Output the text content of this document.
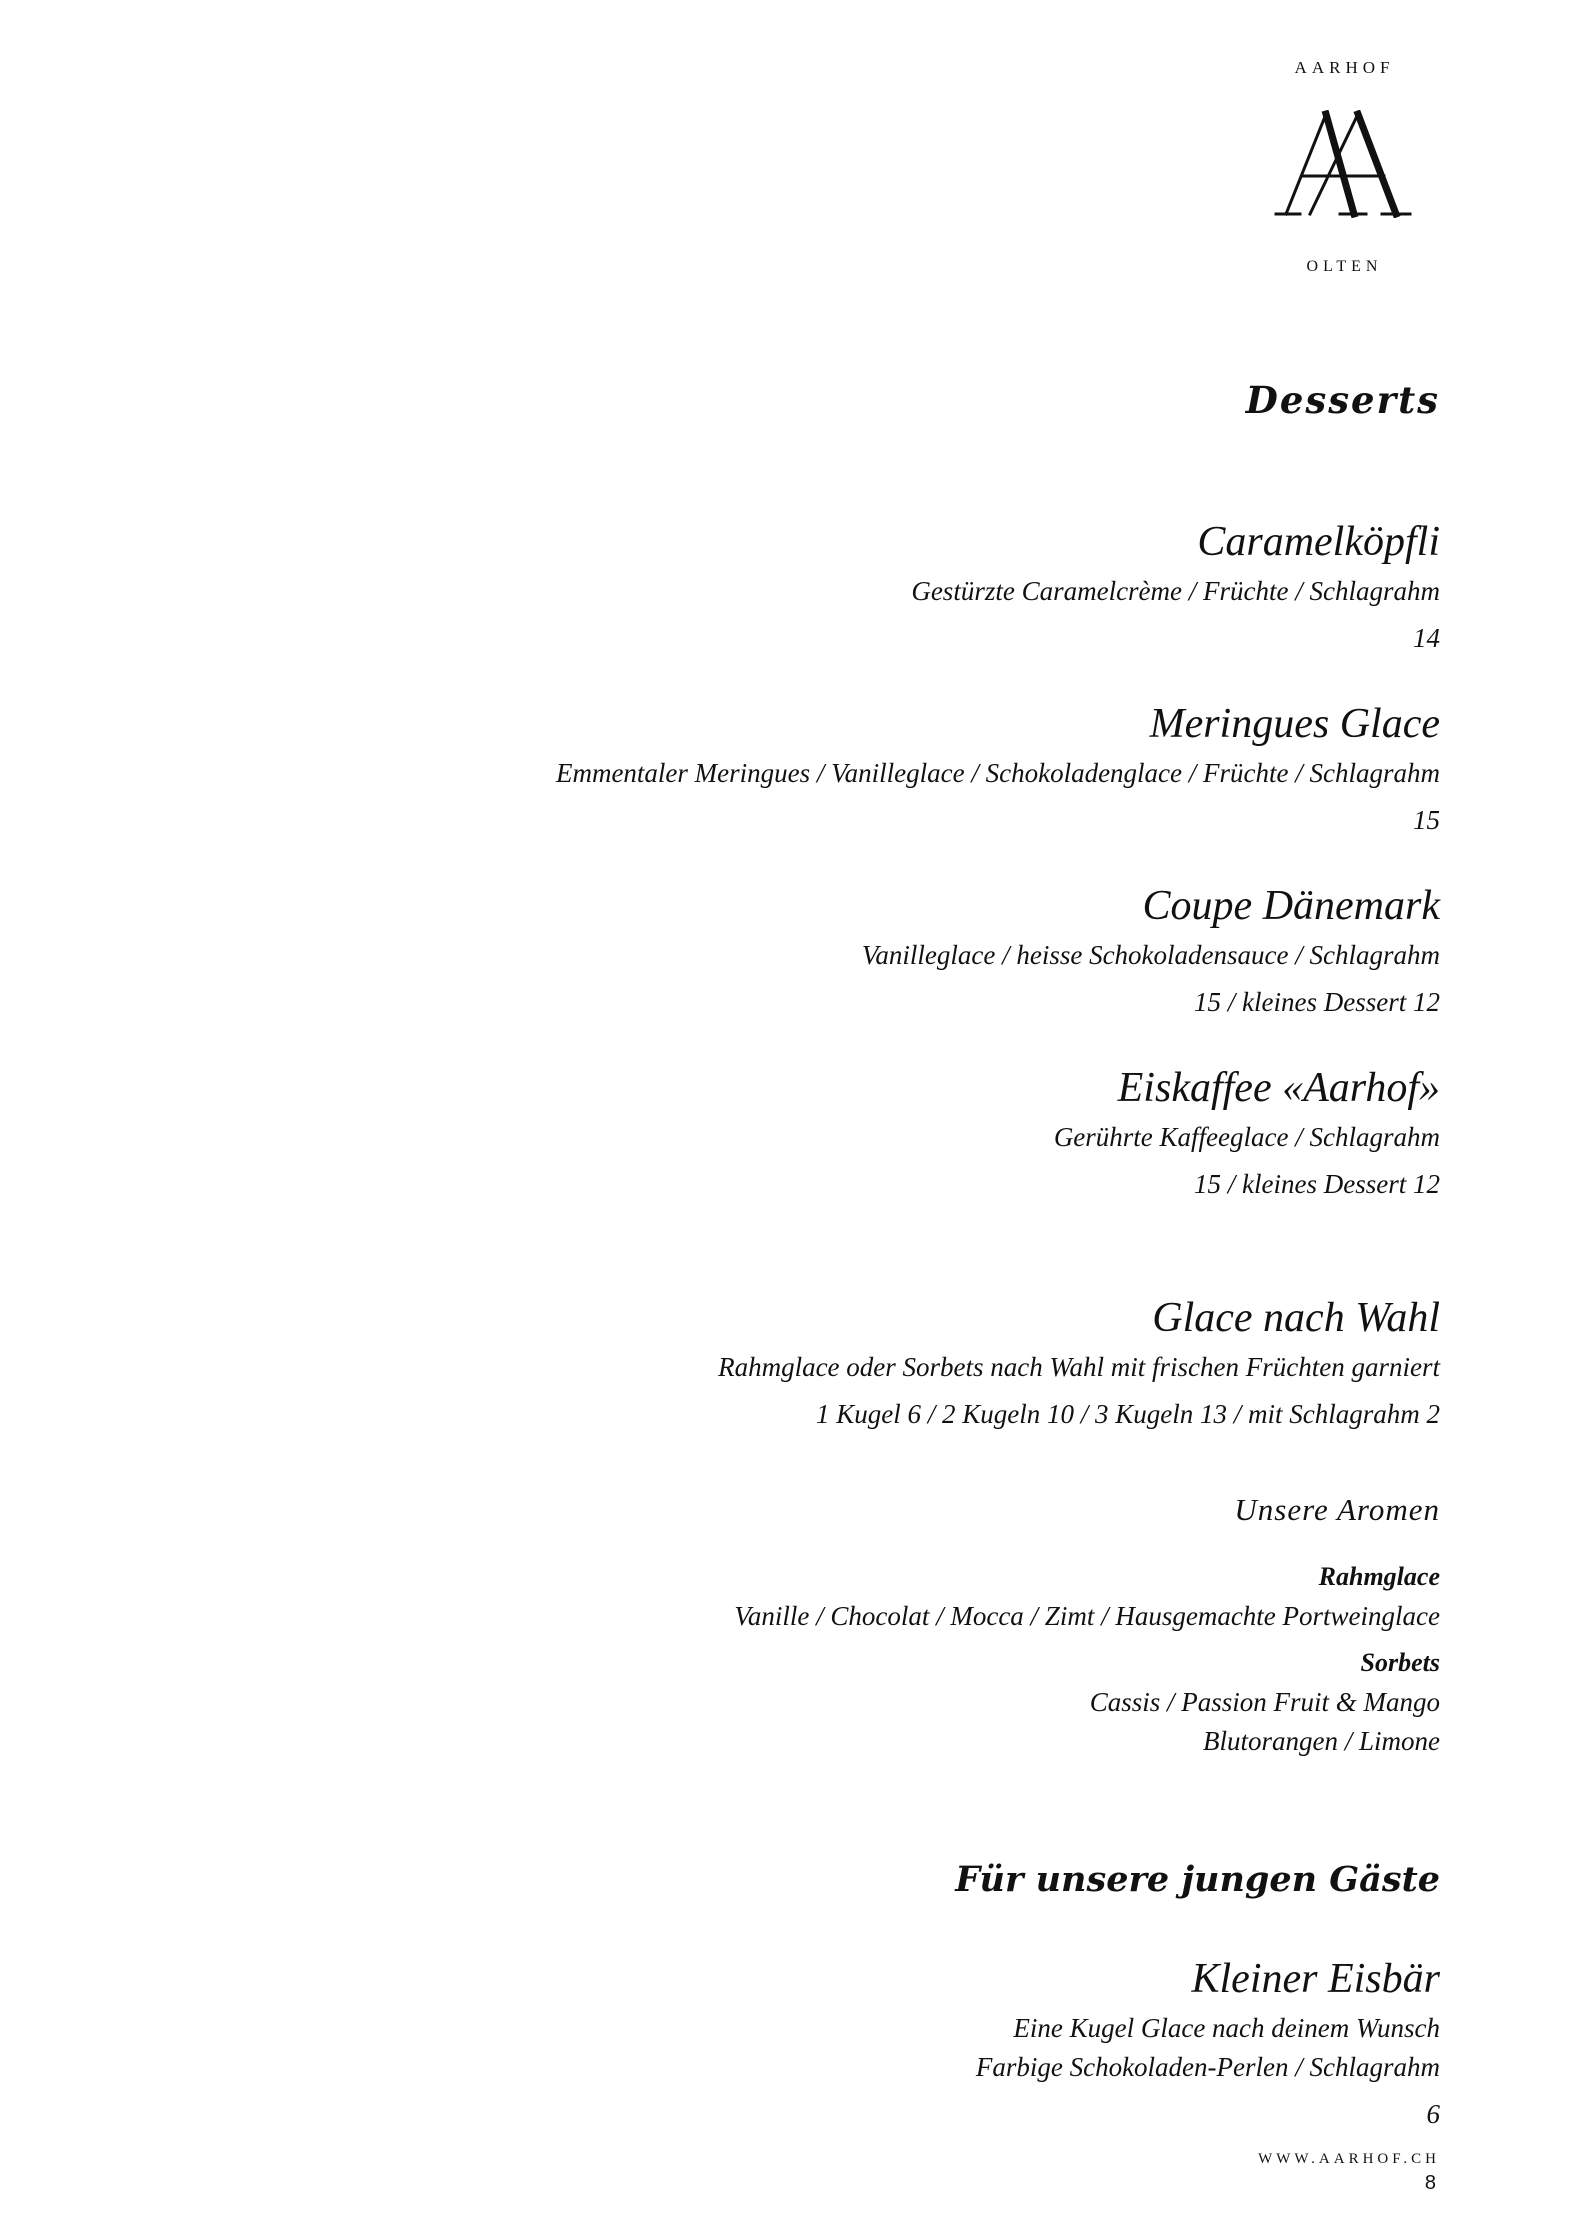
AARHOF
OLTEN
Desserts
Caramelköpfli
Gestürzte Caramelcrème / Früchte / Schlagrahm
14
Meringues Glace
Emmentaler Meringues / Vanilleglace / Schokoladenglace / Früchte / Schlagrahm
15
Coupe Dänemark
Vanilleglace / heisse Schokoladensauce / Schlagrahm
15 / kleines Dessert 12
Eiskaffee «Aarhof»
Gerührte Kaffeeglace / Schlagrahm
15 / kleines Dessert 12
Glace nach Wahl
Rahmglace oder Sorbets nach Wahl mit frischen Früchten garniert
1 Kugel 6 / 2 Kugeln 10 / 3 Kugeln 13 / mit Schlagrahm 2
Unsere Aromen
Rahmglace
Vanille / Chocolat / Mocca / Zimt / Hausgemachte Portweinglace
Sorbets
Cassis / Passion Fruit & Mango
Blutorangen / Limone
Für unsere jungen Gäste
Kleiner Eisbär
Eine Kugel Glace nach deinem Wunsch
Farbige Schokoladen-Perlen / Schlagrahm
6
WWW.AARHOF.CH
8
